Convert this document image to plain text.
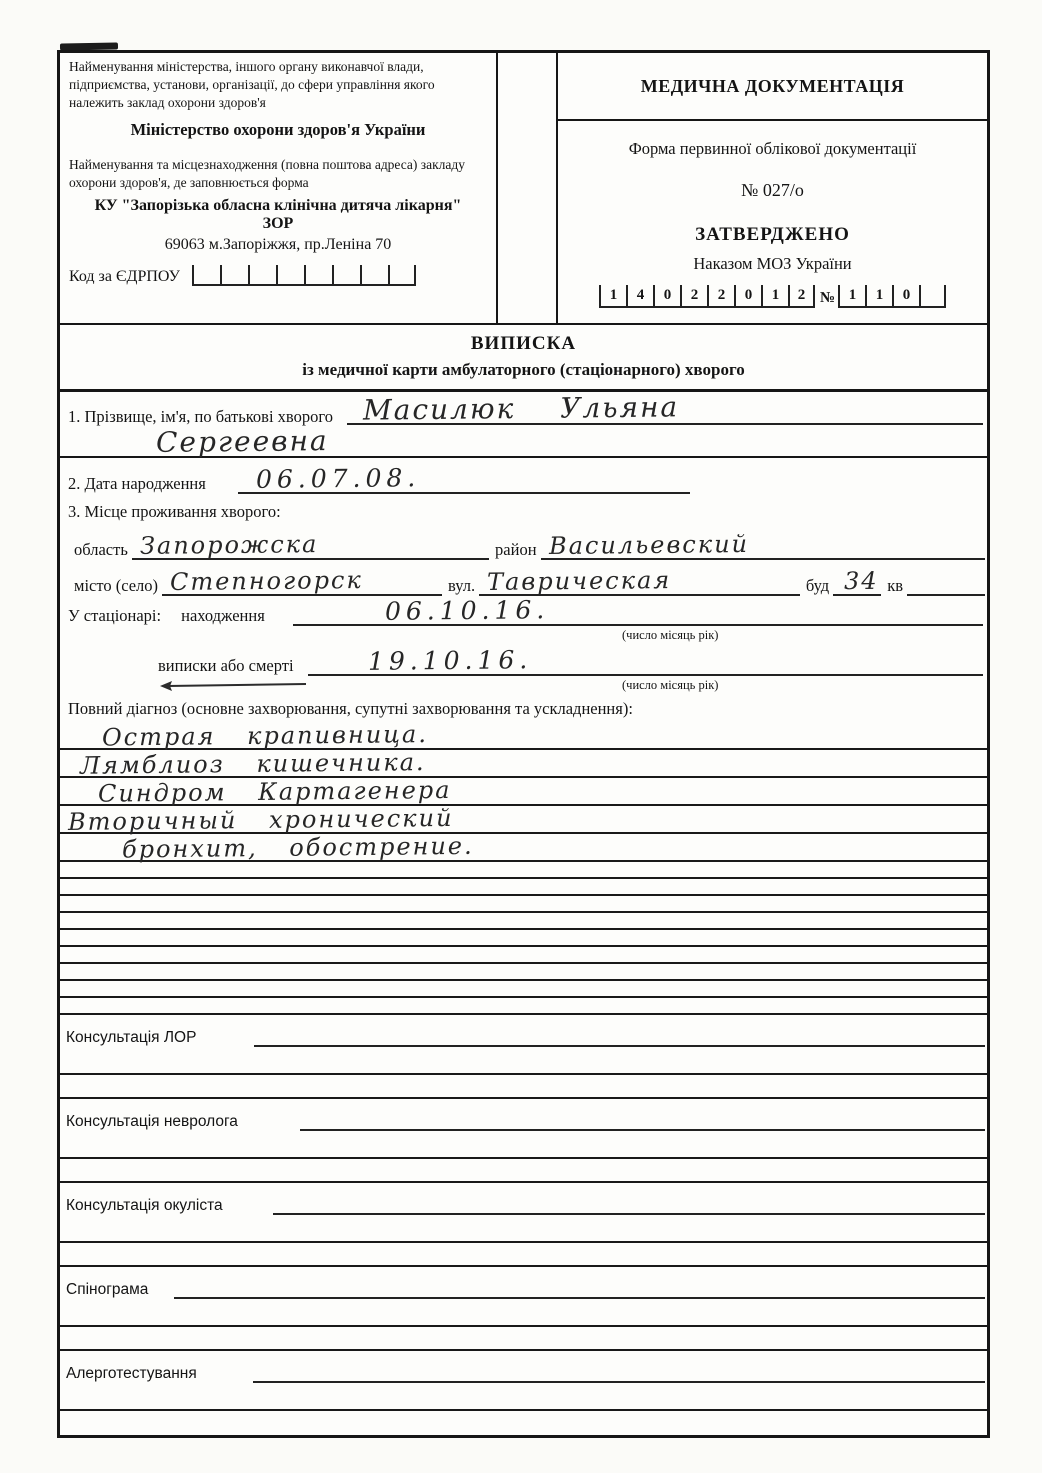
Найменування міністерства, іншого органу виконавчої влади, підприємства, установи, організації, до сфери управління якого належить заклад охорони здоров'я
Міністерство охорони здоров'я України
Найменування та місцезнаходження (повна поштова адреса) закладу охорони здоров'я, де заповнюється форма
КУ "Запорізька обласна клінічна дитяча лікарня"
ЗОР
69063 м.Запоріжжя, пр.Леніна 70
Код за ЄДРПОУ
МЕДИЧНА ДОКУМЕНТАЦІЯ
Форма первинної облікової документації
№ 027/о
ЗАТВЕРДЖЕНО
Наказом МОЗ України
1	4	0	2	2	0	1	2 № 1	1	0
ВИПИСКА
із медичної карти амбулаторного (стаціонарного) хворого
1. Прізвище, ім'я, по батькові хворого	Масилюк Ульяна
Сергеевна
2. Дата народження	06.07.08.
3. Місце проживання хворого:
область Запорожска	район Васильевский
місто (село) Степногорск	вул. Таврическая	буд 34 кв
У стаціонарі: находження	06.10.16.
(число місяць рік)
виписки або смерті	19.10.16.
(число місяць рік)
Повний діагноз (основне захворювання, супутні захворювання та ускладнення):
Острая крапивница.
Лямблиоз кишечника.
Синдром Картагенера
Вторичный хронический
бронхит, обострение.
Консультація ЛОР
Консультація невролога
Консультація окуліста
Спінограма
Алерготестування
